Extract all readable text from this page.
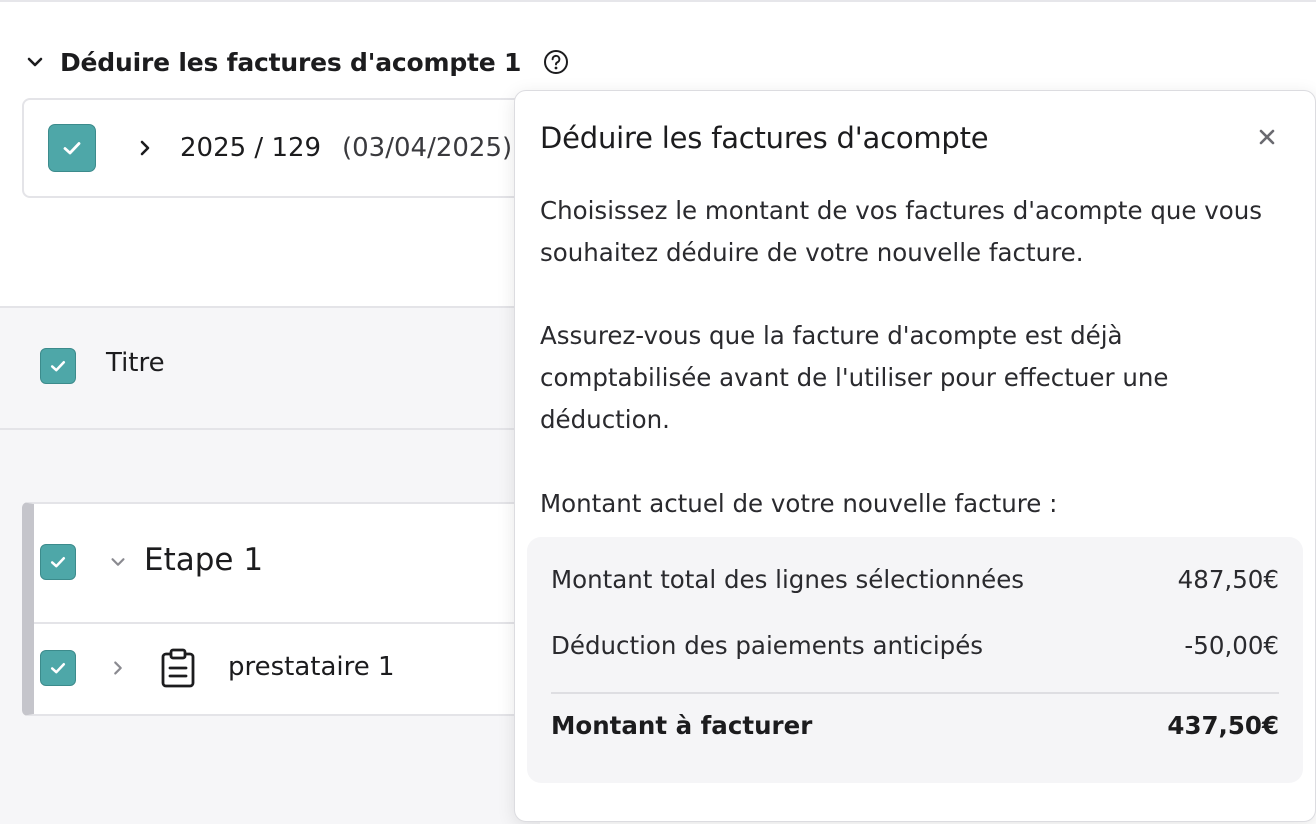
Déduire les factures d'acompte 1
2025 / 129 (03/04/2025)
Titre
Etape 1
prestataire 1
Déduire les factures d'acompte
Choisissez le montant de vos factures d'acompte que vous souhaitez déduire de votre nouvelle facture.
Assurez-vous que la facture d'acompte est déjà comptabilisée avant de l'utiliser pour effectuer une déduction.
Montant actuel de votre nouvelle facture :
Montant total des lignes sélectionnées	487,50€
Déduction des paiements anticipés	-50,00€
Montant à facturer	437,50€
